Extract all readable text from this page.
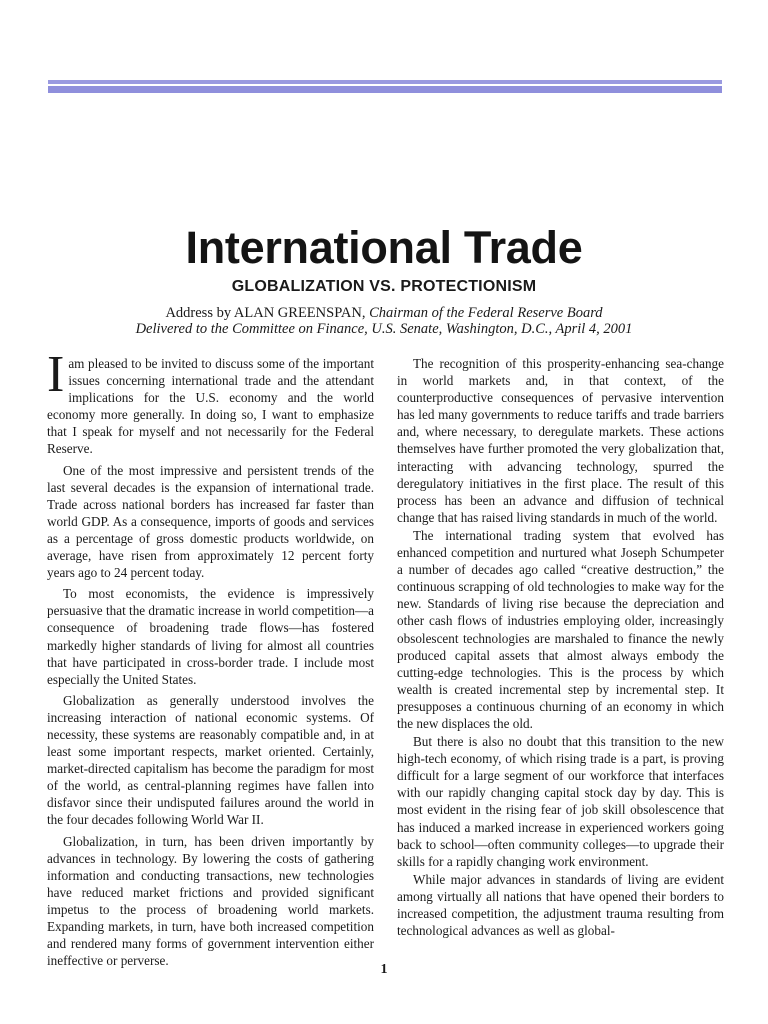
International Trade
GLOBALIZATION VS. PROTECTIONISM
Address by ALAN GREENSPAN, Chairman of the Federal Reserve Board
Delivered to the Committee on Finance, U.S. Senate, Washington, D.C., April 4, 2001

Iam pleased to be invited to discuss some of the important issues concerning international trade and the attendant implications for the U.S. economy and the world economy more generally. In doing so, I want to emphasize that I speak for myself and not necessarily for the Federal Reserve.

One of the most impressive and persistent trends of the last several decades is the expansion of international trade. Trade across national borders has increased far faster than world GDP. As a consequence, imports of goods and services as a percentage of gross domestic products worldwide, on average, have risen from approximately 12 percent forty years ago to 24 percent today.

To most economists, the evidence is impressively persuasive that the dramatic increase in world competition—a consequence of broadening trade flows—has fostered markedly higher standards of living for almost all countries that have participated in cross-border trade. I include most especially the United States.

Globalization as generally understood involves the increasing interaction of national economic systems. Of necessity, these systems are reasonably compatible and, in at least some important respects, market oriented. Certainly, market-directed capitalism has become the paradigm for most of the world, as central-planning regimes have fallen into disfavor since their undisputed failures around the world in the four decades following World War II.

Globalization, in turn, has been driven importantly by advances in technology. By lowering the costs of gathering information and conducting transactions, new technologies have reduced market frictions and provided significant impetus to the process of broadening world markets. Expanding markets, in turn, have both increased competition and rendered many forms of government intervention either ineffective or perverse.

The recognition of this prosperity-enhancing sea-change in world markets and, in that context, of the counterproductive consequences of pervasive intervention has led many governments to reduce tariffs and trade barriers and, where necessary, to deregulate markets. These actions themselves have further promoted the very globalization that, interacting with advancing technology, spurred the deregulatory initiatives in the first place. The result of this process has been an advance and diffusion of technical change that has raised living standards in much of the world.

The international trading system that evolved has enhanced competition and nurtured what Joseph Schumpeter a number of decades ago called “creative destruction,” the continuous scrapping of old technologies to make way for the new. Standards of living rise because the depreciation and other cash flows of industries employing older, increasingly obsolescent technologies are marshaled to finance the newly produced capital assets that almost always embody the cutting-edge technologies. This is the process by which wealth is created incremental step by incremental step. It presupposes a continuous churning of an economy in which the new displaces the old.

But there is also no doubt that this transition to the new high-tech economy, of which rising trade is a part, is proving difficult for a large segment of our workforce that interfaces with our rapidly changing capital stock day by day. This is most evident in the rising fear of job skill obsolescence that has induced a marked increase in experienced workers going back to school—often community colleges—to upgrade their skills for a rapidly changing work environment.

While major advances in standards of living are evident among virtually all nations that have opened their borders to increased competition, the adjustment trauma resulting from technological advances as well as global-

1
